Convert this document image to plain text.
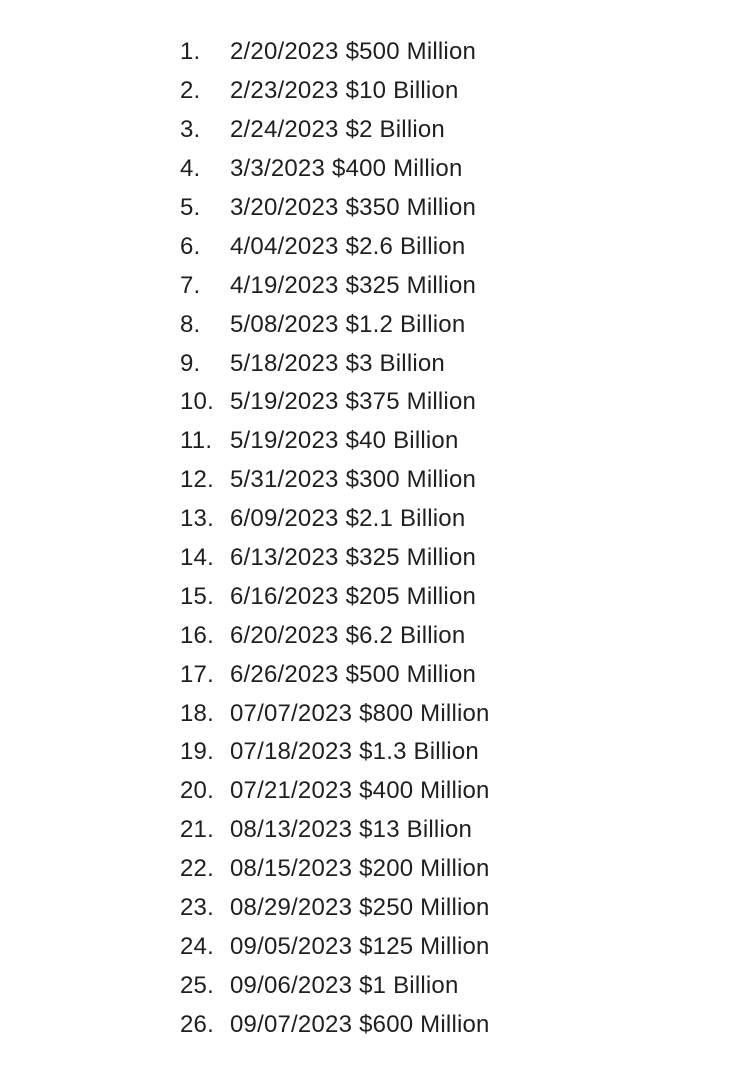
1.	2/20/2023 $500 Million
2.	2/23/2023 $10 Billion
3.	2/24/2023 $2 Billion
4.	3/3/2023 $400 Million
5.	3/20/2023 $350 Million
6.	4/04/2023 $2.6 Billion
7.	4/19/2023 $325 Million
8.	5/08/2023 $1.2 Billion
9.	5/18/2023 $3 Billion
10. 5/19/2023 $375 Million
11. 5/19/2023 $40 Billion
12. 5/31/2023 $300 Million
13. 6/09/2023 $2.1 Billion
14. 6/13/2023 $325 Million
15. 6/16/2023 $205 Million
16. 6/20/2023 $6.2 Billion
17. 6/26/2023 $500 Million
18. 07/07/2023 $800 Million
19. 07/18/2023 $1.3 Billion
20. 07/21/2023 $400 Million
21. 08/13/2023 $13 Billion
22. 08/15/2023 $200 Million
23. 08/29/2023 $250 Million
24. 09/05/2023 $125 Million
25. 09/06/2023 $1 Billion
26. 09/07/2023 $600 Million
